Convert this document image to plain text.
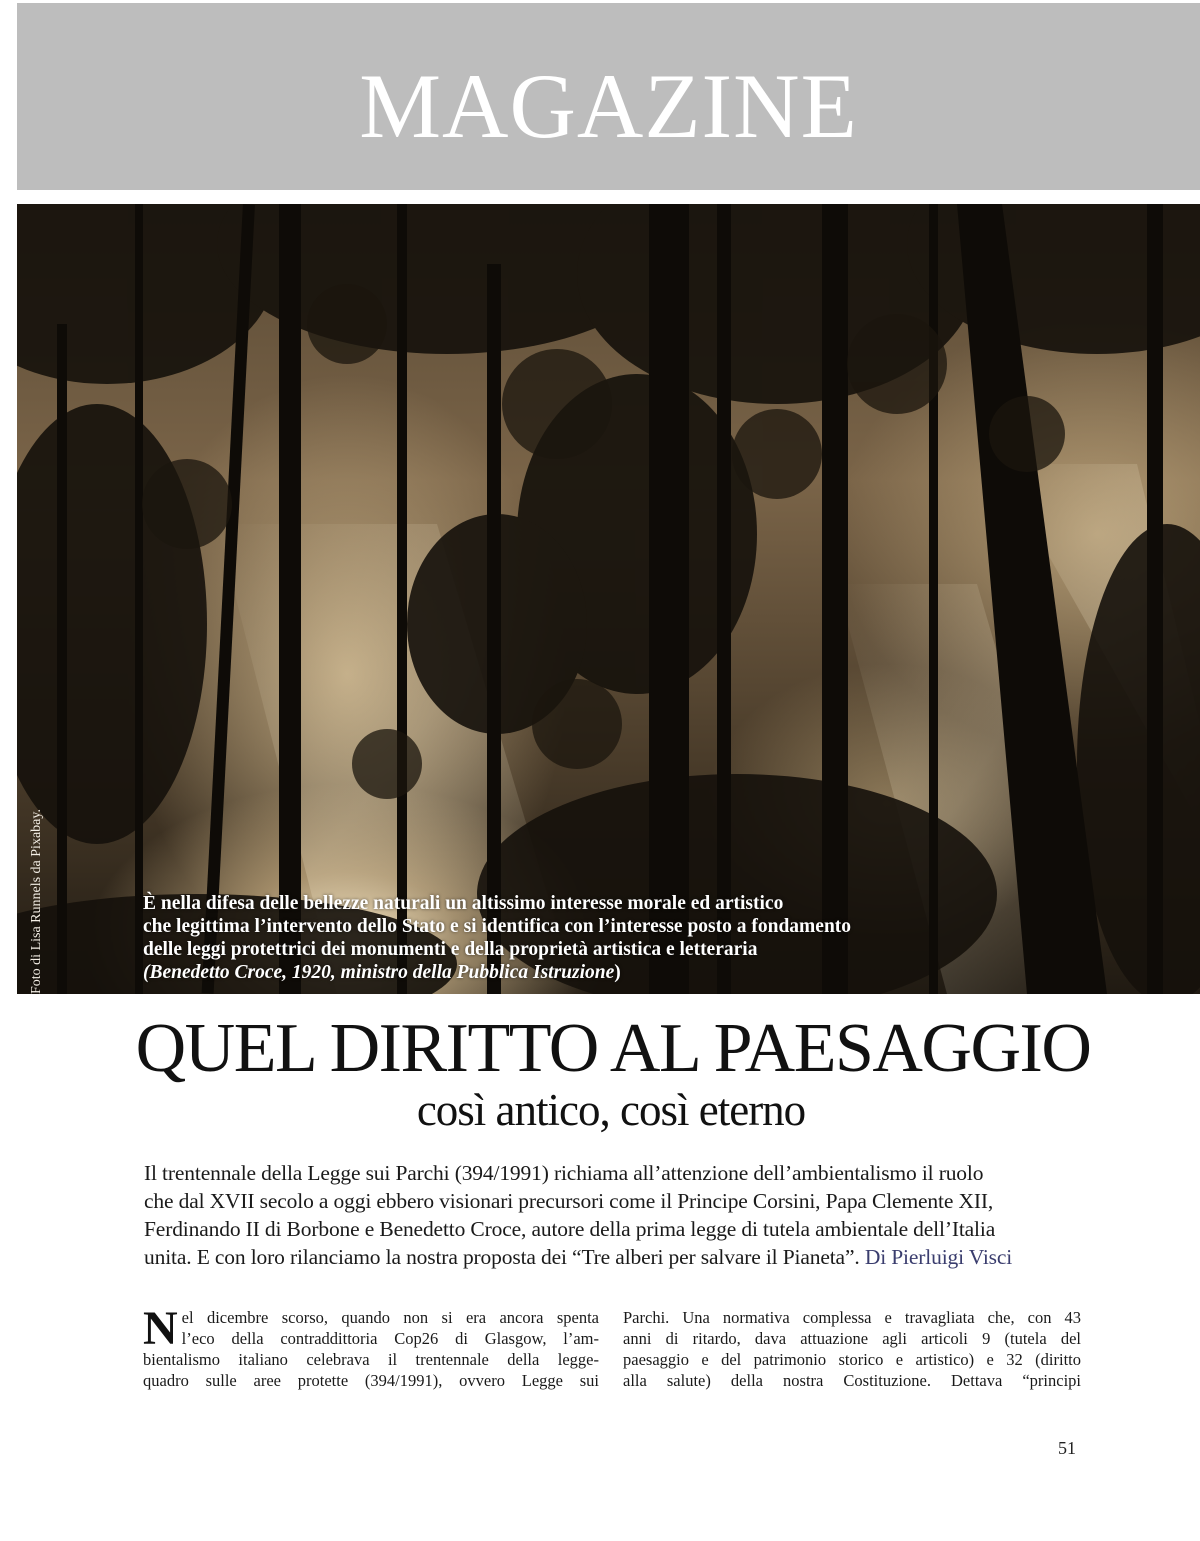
MAGAZINE
Foto di Lisa Runnels da Pixabay.	È nella difesa delle bellezze naturali un altissimo interesse morale ed artistico
che legittima l’intervento dello Stato e si identifica con l’interesse posto a fondamento
delle leggi protettrici dei monumenti e della proprietà artistica e letteraria
(Benedetto Croce, 1920, ministro della Pubblica Istruzione)
QUEL DIRITTO AL PAESAGGIO
così antico, così eterno
Il trentennale della Legge sui Parchi (394/1991) richiama all’attenzione dell’ambientalismo il ruolo
che dal XVII secolo a oggi ebbero visionari precursori come il Principe Corsini, Papa Clemente XII,
Ferdinando II di Borbone e Benedetto Croce, autore della prima legge di tutela ambientale dell’Italia
unita. E con loro rilanciamo la nostra proposta dei “Tre alberi per salvare il Pianeta”. Di Pierluigi Visci
N el dicembre scorso, quando non si era ancora spenta
l’eco della contraddittoria Cop26 di Glasgow, l’am-
bientalismo italiano celebrava il trentennale della legge-
quadro sulle aree protette (394/1991), ovvero Legge sui
Parchi. Una normativa complessa e travagliata che, con 43
anni di ritardo, dava attuazione agli articoli 9 (tutela del
paesaggio e del patrimonio storico e artistico) e 32 (diritto
alla salute) della nostra Costituzione. Dettava “principi
51
